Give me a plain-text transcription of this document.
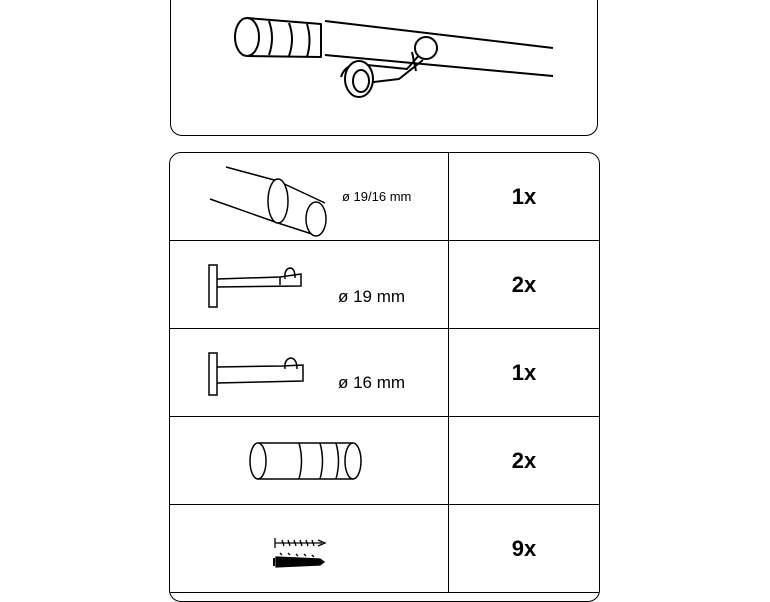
ø 19/16 mm	1x
ø 19 mm	2x
ø 16 mm	1x
2x
9x
